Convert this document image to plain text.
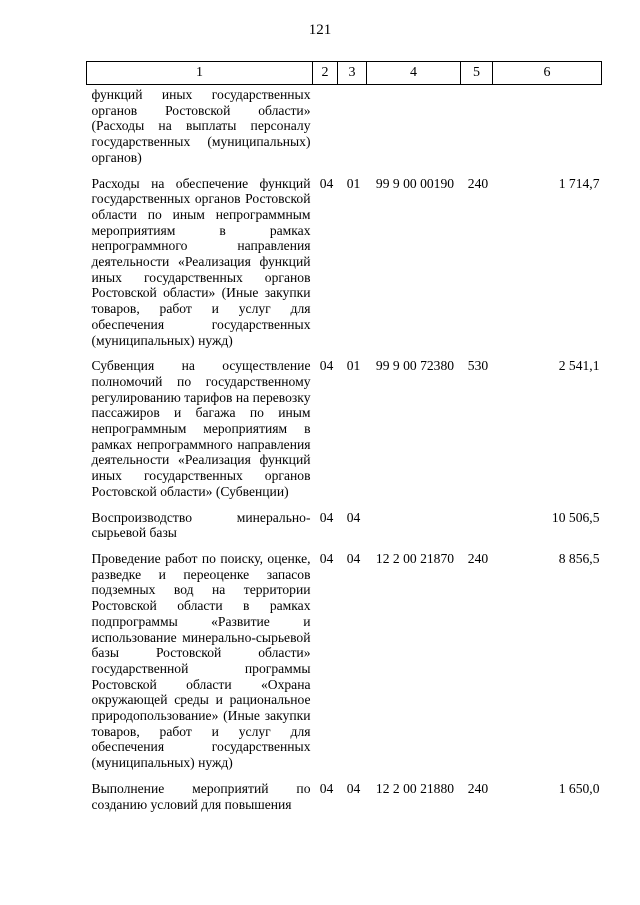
121
1	2	3	4	5	6
функций иных государственных органов Ростовской области» (Расходы на выплаты персоналу государственных (муниципальных) органов)					
Расходы на обеспечение функций государственных органов Ростовской области по иным непрограммным мероприятиям в рамках непрограммного направления деятельности «Реализация функций иных государственных органов Ростовской области» (Иные закупки товаров, работ и услуг для обеспечения государственных (муниципальных) нужд)	04	01	99 9 00 00190	240	1 714,7
Субвенция на осуществление полномочий по государственному регулированию тарифов на перевозку пассажиров и багажа по иным непрограммным мероприятиям в рамках непрограммного направления деятельности «Реализация функций иных государственных органов Ростовской области» (Субвенции)	04	01	99 9 00 72380	530	2 541,1
Воспроизводство минерально-сырьевой базы	04	04			10 506,5
Проведение работ по поиску, оценке, разведке и переоценке запасов подземных вод на территории Ростовской области в рамках подпрограммы «Развитие и использование минерально-сырьевой базы Ростовской области» государственной программы Ростовской области «Охрана окружающей среды и рациональное природопользование» (Иные закупки товаров, работ и услуг для обеспечения государственных (муниципальных) нужд)	04	04	12 2 00 21870	240	8 856,5
Выполнение мероприятий по созданию условий для повышения	04	04	12 2 00 21880	240	1 650,0
